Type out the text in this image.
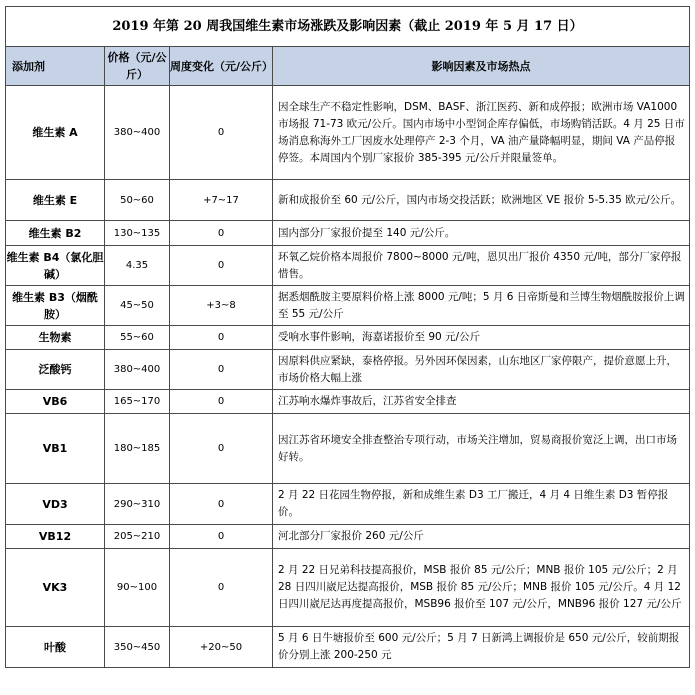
2019 年第 20 周我国维生素市场涨跌及影响因素（截止 2019 年 5 月 17 日）			
添加剂	价格（元/公斤）	周度变化（元/公斤）	影响因素及市场热点
维生素 A	380~400	0	因全球生产不稳定性影响，DSM、BASF、浙江医药、新和成停报；欧洲市场 VA1000 市场报 71-73 欧元/公斤。国内市场中小型饲企库存偏低，市场购销活跃。4 月 25 日市场消息称海外工厂因废水处理停产 2-3 个月，VA 油产量降幅明显，期间 VA 产品停报停签。本周国内个别厂家报价 385-395 元/公斤并限量签单。
维生素 E	50~60	+7~17	新和成报价至 60 元/公斤，国内市场交投活跃；欧洲地区 VE 报价 5-5.35 欧元/公斤。
维生素 B2	130~135	0	国内部分厂家报价提至 140 元/公斤。
维生素 B4（氯化胆碱）	4.35	0	环氧乙烷价格本周报价 7800~8000 元/吨，恩贝出厂报价 4350 元/吨，部分厂家停报惜售。
维生素 B3（烟酰胺）	45~50	+3~8	据悉烟酰胺主要原料价格上涨 8000 元/吨；5 月 6 日帝斯曼和兰博生物烟酰胺报价上调至 55 元/公斤
生物素	55~60	0	受响水事件影响，海嘉诺报价至 90 元/公斤
泛酸钙	380~400	0	因原料供应紧缺，泰格停报。另外因环保因素，山东地区厂家停限产，提价意愿上升，市场价格大幅上涨
VB6	165~170	0	江苏响水爆炸事故后，江苏省安全排查
VB1	180~185	0	因江苏省环境安全排查整治专项行动，市场关注增加，贸易商报价宽泛上调，出口市场好转。
VD3	290~310	0	2 月 22 日花园生物停报，新和成维生素 D3 工厂搬迁，4 月 4 日维生素 D3 暂停报价。
VB12	205~210	0	河北部分厂家报价 260 元/公斤
VK3	90~100	0	2 月 22 日兄弟科技提高报价，MSB 报价 85 元/公斤；MNB 报价 105 元/公斤；2 月 28 日四川崴尼达提高报价，MSB 报价 85 元/公斤；MNB 报价 105 元/公斤。4 月 12 日四川崴尼达再度提高报价，MSB96 报价至 107 元/公斤，MNB96 报价 127 元/公斤
叶酸	350~450	+20~50	5 月 6 日牛塘报价至 600 元/公斤；5 月 7 日新鸿上调报价是 650 元/公斤，较前期报价分别上涨 200-250 元
